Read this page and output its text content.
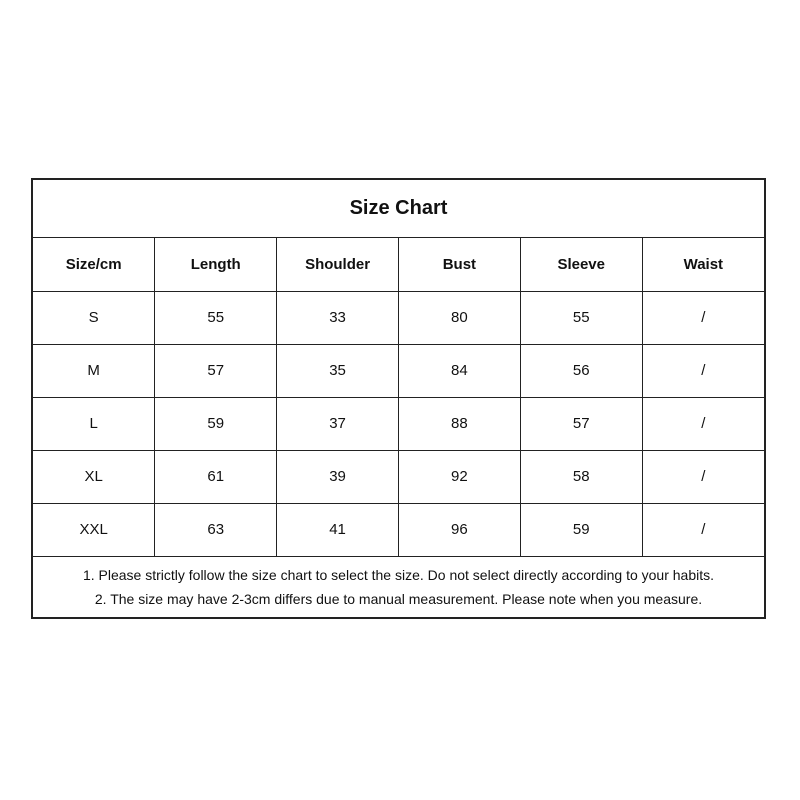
Size Chart
Size/cm	Length	Shoulder	Bust	Sleeve	Waist
S	55	33	80	55	/
M	57	35	84	56	/
L	59	37	88	57	/
XL	61	39	92	58	/
XXL	63	41	96	59	/
1. Please strictly follow the size chart to select the size. Do not select directly according to your habits.
2. The size may have 2-3cm differs due to manual measurement. Please note when you measure.
